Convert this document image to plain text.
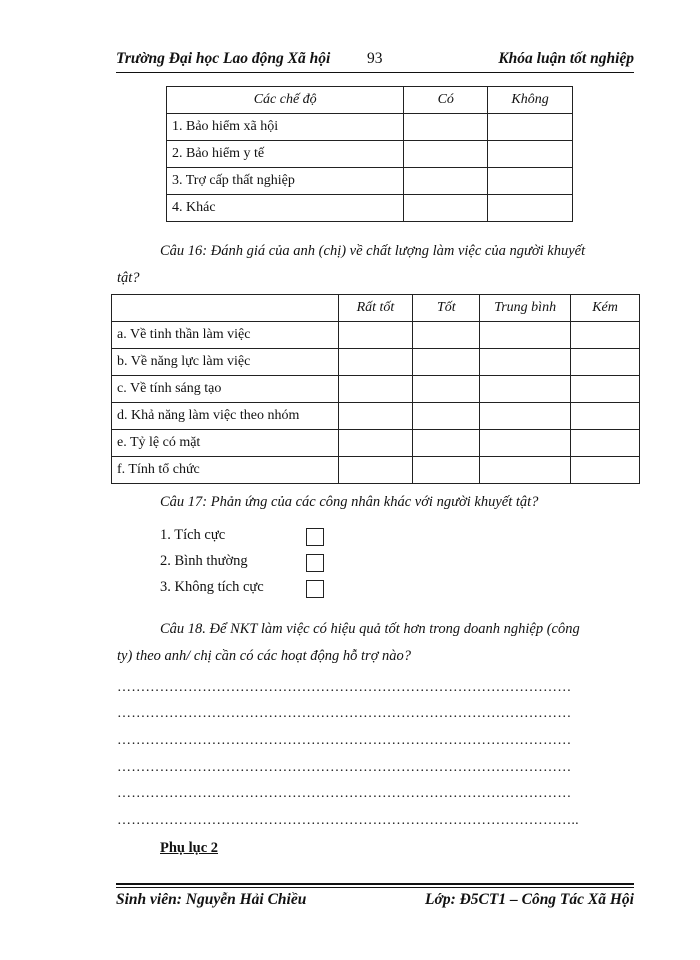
Trường Đại học Lao động Xã hội 93	Khóa luận tốt nghiệp
Các chế độ	Có	Không
1. Bảo hiểm xã hội		
2. Bảo hiểm y tế		
3. Trợ cấp thất nghiệp		
4. Khác		
Câu 16: Đánh giá của anh (chị) về chất lượng làm việc của người khuyết
tật?
	Rất tốt	Tốt	Trung bình	Kém
a. Về tinh thần làm việc				
b. Về năng lực làm việc				
c. Về tính sáng tạo				
d. Khả năng làm việc theo nhóm				
e. Tỷ lệ có mặt				
f. Tính tổ chức				
Câu 17: Phản ứng của các công nhân khác với người khuyết tật?
1. Tích cực
2. Bình thường
3. Không tích cực
Câu 18. Để NKT làm việc có hiệu quả tốt hơn trong doanh nghiệp (công
ty) theo anh/ chị cần có các hoạt động hỗ trợ nào?
……………………………………………………………………………………
……………………………………………………………………………………
……………………………………………………………………………………
……………………………………………………………………………………
……………………………………………………………………………………
……………………………………………………………………………………..
Phụ lục 2
Sinh viên: Nguyễn Hải Chiều	Lớp: Đ5CT1 – Công Tác Xã Hội
